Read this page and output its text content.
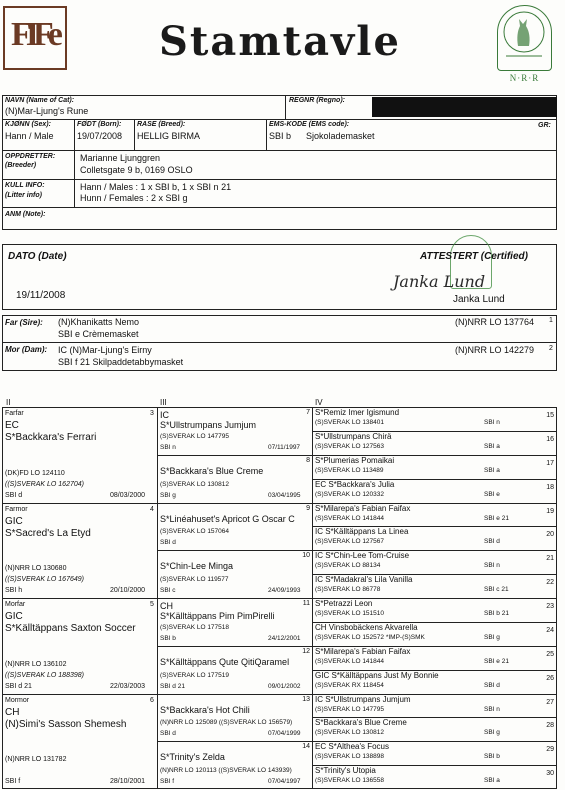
FIFe	Stamtavle
N·R·R
NAVN (Name of Cat):
(N)Mar-Ljung's Rune
REGNR (Regno):
KJØNN (Sex):
Hann / Male
FØDT (Born):
19/07/2008
RASE (Breed):
HELLIG BIRMA
EMS-KODE (EMS code):
SBI b Sjokolademasket
GR:
OPPDRETTER:
(Breeder)
Marianne Ljunggren
Colletsgate 9 b, 0169 OSLO
KULL INFO:
(Litter info)
Hann / Males : 1 x SBI b, 1 x SBI n 21
Hunn / Females : 2 x SBI g
ANM (Note):
DATO (Date)
19/11/2008
ATTESTERT (Certified)
Janka Lund
Janka Lund
Far (Sire): (N)Khanikatts Nemo
SBI e Crèmemasket
(N)NRR LO 137764 1
Mor (Dam): IC (N)Mar-Ljung's Eirny
SBI f 21 Skilpaddetabbymasket
(N)NRR LO 142279 2
II	III	IV
Farfar	3
EC
S*Backkara's Ferrari
(DK)FD LO 124110
((S)SVERAK LO 162704)
SBI d	08/03/2000
Farmor	4
GIC
S*Sacred's La Etyd
(N)NRR LO 130680
((S)SVERAK LO 167649)
SBI h	20/10/2000
Morfar	5
GIC
S*Källtäppans Saxton Soccer
(N)NRR LO 136102
((S)SVERAK LO 188398)
SBI d 21	22/03/2003
Mormor	6
CH
(N)Simi's Sasson Shemesh
(N)NRR LO 131782
SBI f	28/10/2001
7
IC
S*Ullstrumpans Jumjum
(S)SVERAK LO 147795
SBI n	07/11/1997
8
S*Backkara's Blue Creme
(S)SVERAK LO 130812
SBI g	03/04/1995
9
S*Linéahuset's Apricot G Oscar C
(S)SVERAK LO 157064
SBI d
10
S*Chin-Lee Minga
(S)SVERAK LO 119577
SBI c	24/09/1993
11
CH
S*Källtäppans Pim PimPirelli
(S)SVERAK LO 177518
SBI b	24/12/2001
12
S*Källtäppans Qute QitiQaramel
(S)SVERAK LO 177519
SBI d 21	09/01/2002
13
S*Backkara's Hot Chili
(N)NRR LO 125089 ((S)SVERAK LO 156579)
SBI d	07/04/1999
14
S*Trinity's Zelda
(N)NRR LO 120113 ((S)SVERAK LO 143939)
SBI f	07/04/1997
S*Remiz Imer Igismund
(S)SVERAK LO 138401	SBI n
15
S*Ullstrumpans Chirä
(S)SVERAK LO 127563	SBI a
16
S*Plumerias Pomaikai
(S)SVERAK LO 113489	SBI a
17
EC S*Backkara's Julia
(S)SVERAK LO 120332	SBI e
18
S*Milarepa's Fabian Faifax
(S)SVERAK LO 141844	SBI e 21
19
IC S*Källtäppans La Linea
(S)SVERAK LO 127567	SBI d
20
IC S*Chin-Lee Tom-Cruise
(S)SVERAK LO 88134	SBI n
21
IC S*Madakral's Lila Vanilla
(S)SVERAK LO 86778	SBI c 21
22
S*Petrazzi Leon
(S)SVERAK LO 151510	SBI b 21
23
CH Vinsbobäckens Akvarella
(S)SVERAK LO 152572 *IMP-(S)SMK	SBI g
24
S*Milarepa's Fabian Faifax
(S)SVERAK LO 141844	SBI e 21
25
GIC S*Källtäppans Just My Bonnie
(S)SVERAK RX 118454	SBI d
26
IC S*Ullstrumpans Jumjum
(S)SVERAK LO 147795	SBI n
27
S*Backkara's Blue Creme
(S)SVERAK LO 130812	SBI g
28
EC S*Althea's Focus
(S)SVERAK LO 138898	SBI b
29
S*Trinity's Utopia
(S)SVERAK LO 136558	SBI a
30
